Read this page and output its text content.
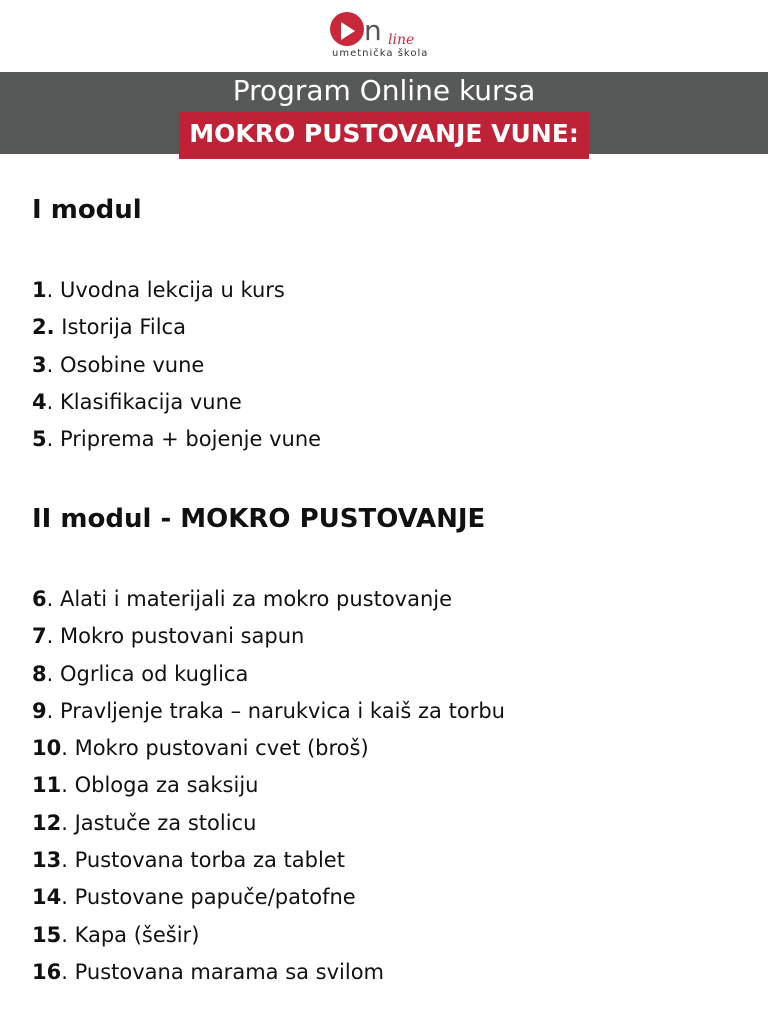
n line
umetnička škola
Program Online kursa
MOKRO PUSTOVANJE VUNE:
I modul
1. Uvodna lekcija u kurs
2. Istorija Filca
3. Osobine vune
4. Klasifikacija vune
5. Priprema + bojenje vune
II modul - MOKRO PUSTOVANJE
6. Alati i materijali za mokro pustovanje
7. Mokro pustovani sapun
8. Ogrlica od kuglica
9. Pravljenje traka – narukvica i kaiš za torbu
10. Mokro pustovani cvet (broš)
11. Obloga za saksiju
12. Jastuče za stolicu
13. Pustovana torba za tablet
14. Pustovane papuče/patofne
15. Kapa (šešir)
16. Pustovana marama sa svilom
